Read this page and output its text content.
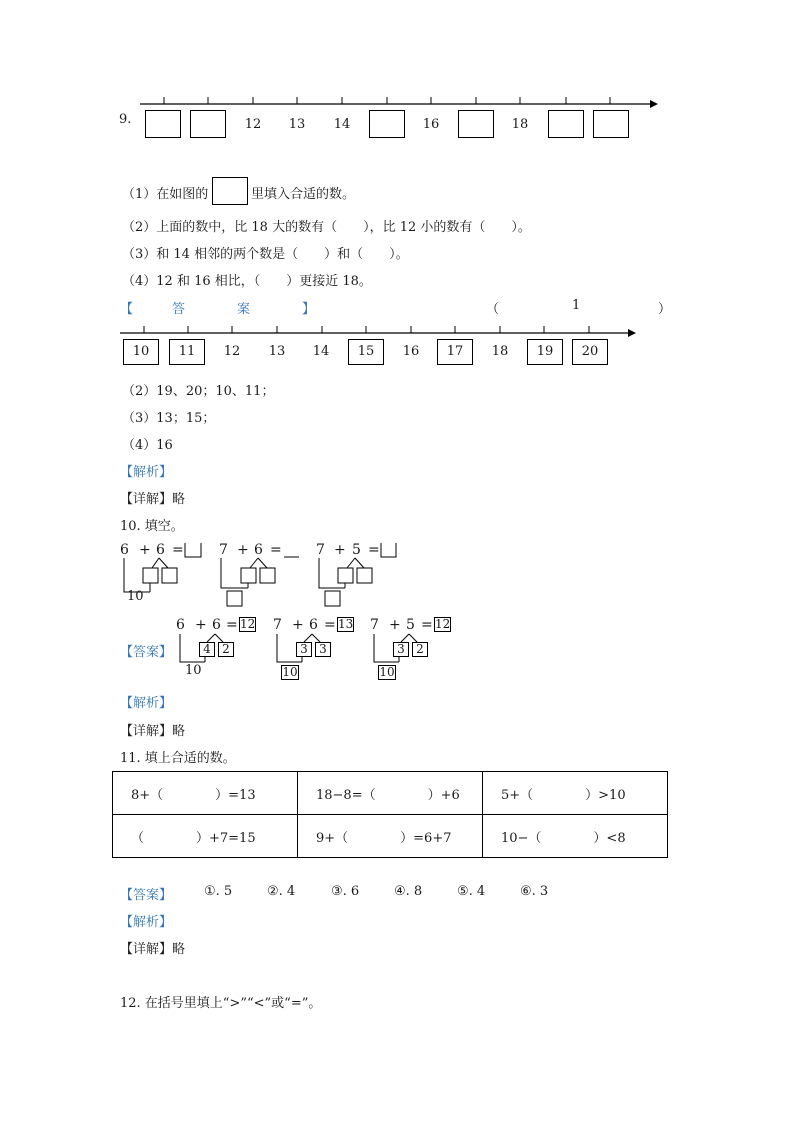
9.	12	13	14	16	18
（1）在如图的	里填入合适的数。
（2）上面的数中，比 18 大的数有（　　），比 12 小的数有（　　）。
（3）和 14 相邻的两个数是（　　）和（　　）。
（4）12 和 16 相比，（　　）更接近 18。
【　　　答　　　　案　　　　】	（	1	）
10	11	12	13	14	15	16	17	18	19	20
（2）19、20；10、11；
（3）13；15；
（4）16
【解析】
【详解】略
10. 填空。
6 + 6 =
10
7 + 6 = 7 + 5 =
【答案】
6 + 6 = 12
4 2
10
7 + 6 = 13
3 3
10
7 + 5 = 12
3 2
10
【解析】
【详解】略
11. 填上合适的数。
8+（　　　　）=13	18−8=（　　　　）+6	5+（　　　　）>10
（　　　　）+7=15	9+（　　　　）=6+7	10−（　　　　）<8
【答案】 ①. 5	②. 4	③. 6	④. 8	⑤. 4	⑥. 3
【解析】
【详解】略
12. 在括号里填上“>”“<”或“=”。
